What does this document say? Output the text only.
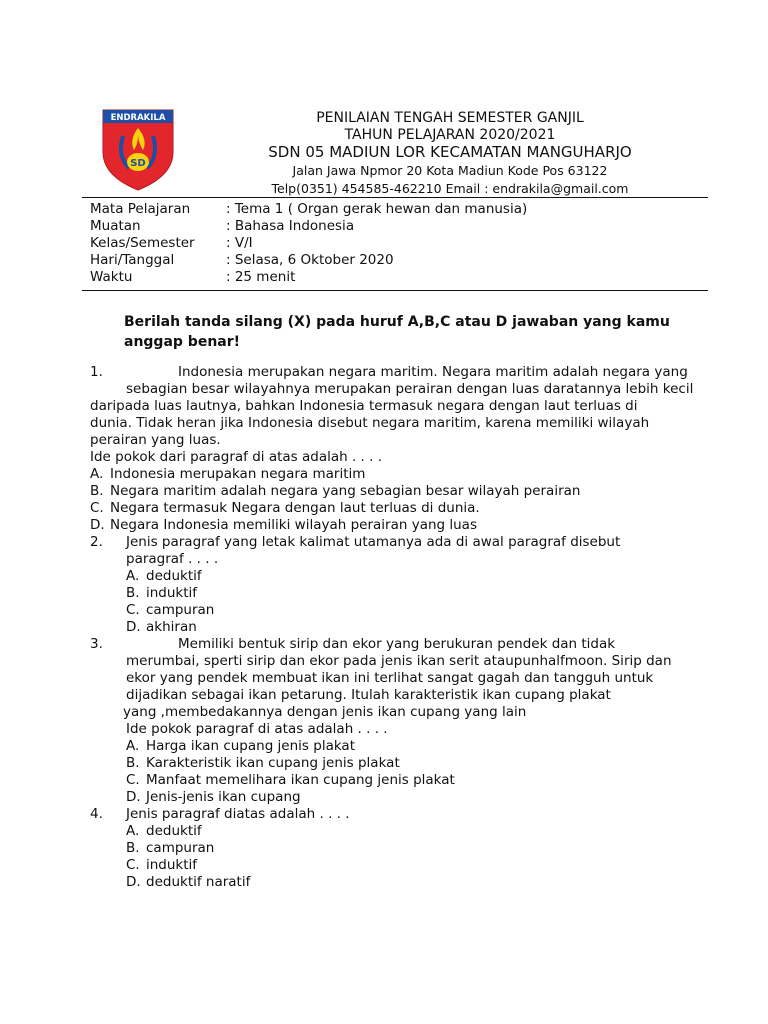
ENDRAKILA
SD
PENILAIAN TENGAH SEMESTER GANJIL
TAHUN PELAJARAN 2020/2021
SDN 05 MADIUN LOR KECAMATAN MANGUHARJO
Jalan Jawa Npmor 20 Kota Madiun Kode Pos 63122
Telp(0351) 454585-462210 Email : endrakila@gmail.com
Mata Pelajaran	: Tema 1 ( Organ gerak hewan dan manusia)
Muatan	: Bahasa Indonesia
Kelas/Semester	: V/I
Hari/Tanggal	: Selasa, 6 Oktober 2020
Waktu	: 25 menit
Berilah tanda silang (X) pada huruf A,B,C atau D jawaban yang kamu
anggap benar!
1.	Indonesia merupakan negara maritim. Negara maritim adalah negara yang
sebagian besar wilayahnya merupakan perairan dengan luas daratannya lebih kecil
daripada luas lautnya, bahkan Indonesia termasuk negara dengan laut terluas di
dunia. Tidak heran jika Indonesia disebut negara maritim, karena memiliki wilayah
perairan yang luas.
Ide pokok dari paragraf di atas adalah . . . .
A. Indonesia merupakan negara maritim
B. Negara maritim adalah negara yang sebagian besar wilayah perairan
C. Negara termasuk Negara dengan laut terluas di dunia.
D. Negara Indonesia memiliki wilayah perairan yang luas
2. Jenis paragraf yang letak kalimat utamanya ada di awal paragraf disebut
paragraf . . . .
A. deduktif
B. induktif
C. campuran
D. akhiran
3.	Memiliki bentuk sirip dan ekor yang berukuran pendek dan tidak
merumbai, sperti sirip dan ekor pada jenis ikan serit ataupunhalfmoon. Sirip dan
ekor yang pendek membuat ikan ini terlihat sangat gagah dan tangguh untuk
dijadikan sebagai ikan petarung. Itulah karakteristik ikan cupang plakat
yang ,membedakannya dengan jenis ikan cupang yang lain
Ide pokok paragraf di atas adalah . . . .
A. Harga ikan cupang jenis plakat
B. Karakteristik ikan cupang jenis plakat
C. Manfaat memelihara ikan cupang jenis plakat
D. Jenis-jenis ikan cupang
4. Jenis paragraf diatas adalah . . . .
A. deduktif
B. campuran
C. induktif
D. deduktif naratif
